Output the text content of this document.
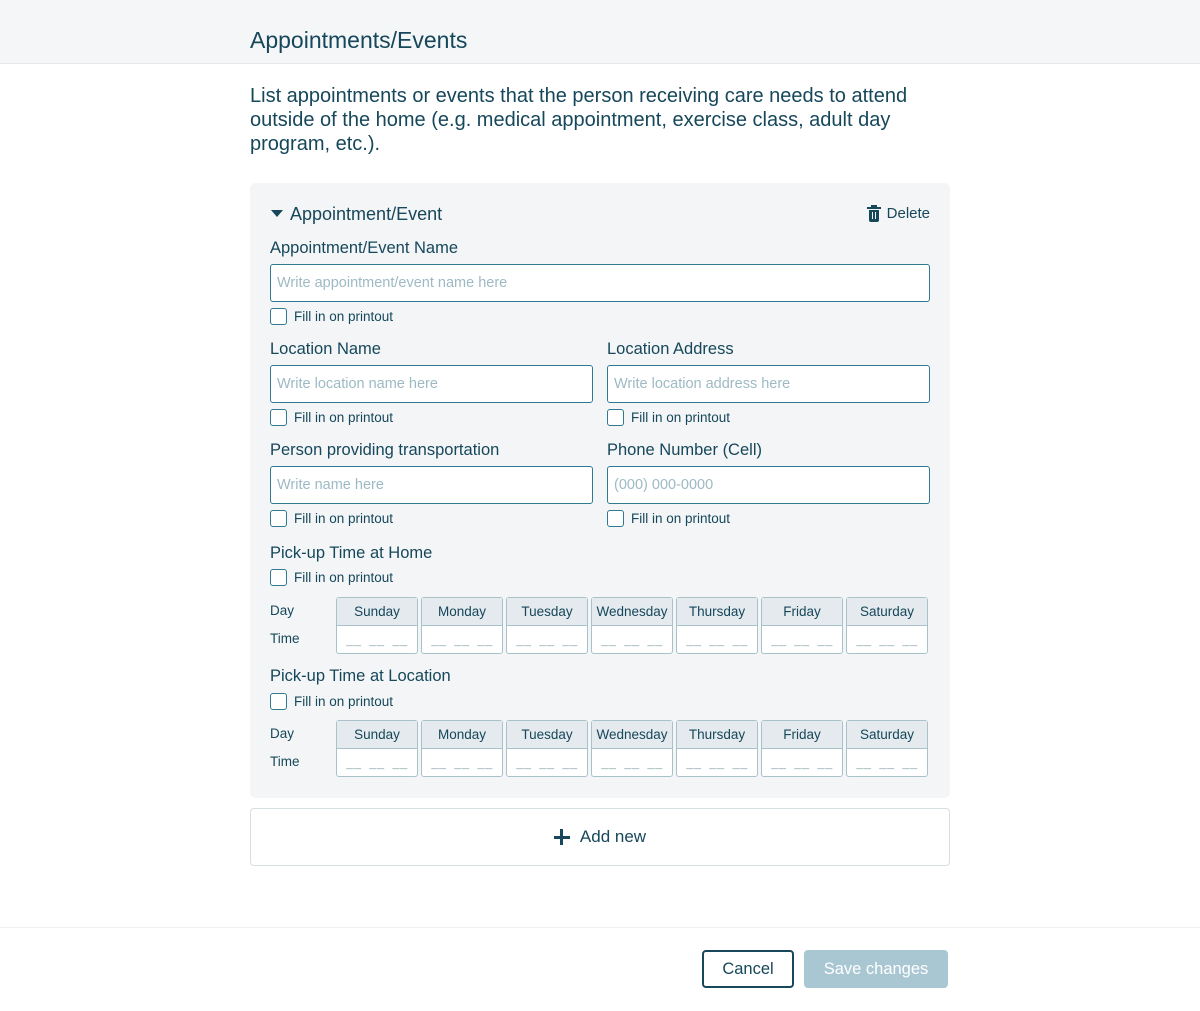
Appointments/Events

List appointments or events that the person receiving care needs to attend outside of the home (e.g. medical appointment, exercise class, adult day program, etc.).

Appointment/Event	Delete
Appointment/Event Name
Write appointment/event name here
Fill in on printout
Location Name
Write location name here
Fill in on printout
Location Address
Write location address here
Fill in on printout
Person providing transportation
Write name here
Fill in on printout
Phone Number (Cell)
(000) 000-0000
Fill in on printout
Pick-up Time at Home
Fill in on printout
Day
Time
Sunday
__ __ __
Monday
__ __ __
Tuesday
__ __ __
Wednesday
__ __ __
Thursday
__ __ __
Friday
__ __ __
Saturday
__ __ __
Pick-up Time at Location
Fill in on printout
Day
Time
Sunday
__ __ __
Monday
__ __ __
Tuesday
__ __ __
Wednesday
__ __ __
Thursday
__ __ __
Friday
__ __ __
Saturday
__ __ __
Add new
Cancel	Save changes
